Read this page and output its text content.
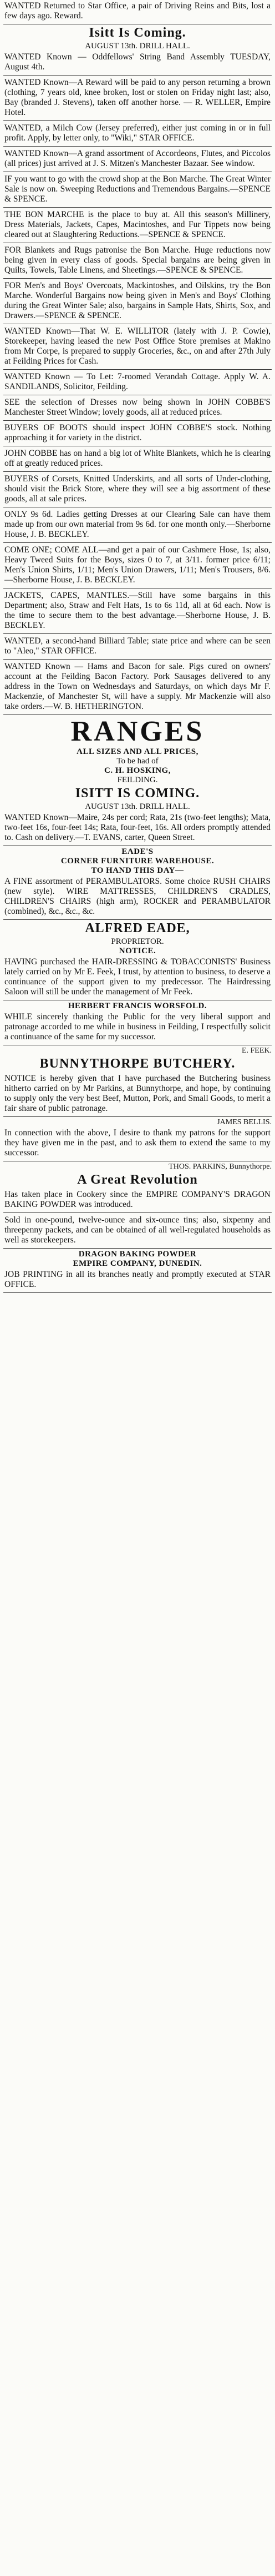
WANTED Returned to Star Office, a pair of Driving Reins and Bits, lost a few days ago. Reward.
Isitt Is Coming.
AUGUST 13th. DRILL HALL.
WANTED Known — Oddfellows' String Band Assembly TUESDAY, August 4th.
WANTED Known—A Reward will be paid to any person returning a brown (clothing, 7 years old, knee broken, lost or stolen on Friday night last; also, Bay (branded J. Stevens), taken off another horse. — R. WELLER, Empire Hotel.
WANTED, a Milch Cow (Jersey preferred), either just coming in or in full profit. Apply, by letter only, to "Wiki," STAR OFFICE.
WANTED Known—A grand assortment of Accordeons, Flutes, and Piccolos (all prices) just arrived at J. S. Mitzen's Manchester Bazaar. See window.
IF you want to go with the crowd shop at the Bon Marche. The Great Winter Sale is now on. Sweeping Reductions and Tremendous Bargains.—SPENCE & SPENCE.
THE BON MARCHE is the place to buy at. All this season's Millinery, Dress Materials, Jackets, Capes, Macintoshes, and Fur Tippets now being cleared out at Slaughtering Reductions.—SPENCE & SPENCE.
FOR Blankets and Rugs patronise the Bon Marche. Huge reductions now being given in every class of goods. Special bargains are being given in Quilts, Towels, Table Linens, and Sheetings.—SPENCE & SPENCE.
FOR Men's and Boys' Overcoats, Mackintoshes, and Oilskins, try the Bon Marche. Wonderful Bargains now being given in Men's and Boys' Clothing during the Great Winter Sale; also, bargains in Sample Hats, Shirts, Sox, and Drawers.—SPENCE & SPENCE.
WANTED Known—That W. E. WILLITOR (lately with J. P. Cowie), Storekeeper, having leased the new Post Office Store premises at Makino from Mr Corpe, is prepared to supply Groceries, &c., on and after 27th July at Feilding Prices for Cash.
WANTED Known — To Let: 7-roomed Verandah Cottage. Apply W. A. SANDILANDS, Solicitor, Feilding.
SEE the selection of Dresses now being shown in JOHN COBBE'S Manchester Street Window; lovely goods, all at reduced prices.
BUYERS OF BOOTS should inspect JOHN COBBE'S stock. Nothing approaching it for variety in the district.
JOHN COBBE has on hand a big lot of White Blankets, which he is clearing off at greatly reduced prices.
BUYERS of Corsets, Knitted Underskirts, and all sorts of Under-clothing, should visit the Brick Store, where they will see a big assortment of these goods, all at sale prices.
ONLY 9s 6d. Ladies getting Dresses at our Clearing Sale can have them made up from our own material from 9s 6d. for one month only.—Sherborne House, J. B. BECKLEY.
COME ONE; COME ALL—and get a pair of our Cashmere Hose, 1s; also, Heavy Tweed Suits for the Boys, sizes 0 to 7, at 3/11. former price 6/11; Men's Union Shirts, 1/11; Men's Union Drawers, 1/11; Men's Trousers, 8/6.—Sherborne House, J. B. BECKLEY.
JACKETS, CAPES, MANTLES.—Still have some bargains in this Department; also, Straw and Felt Hats, 1s to 6s 11d, all at 6d each. Now is the time to secure them to the best advantage.—Sherborne House, J. B. BECKLEY.
WANTED, a second-hand Billiard Table; state price and where can be seen to "Aleo," STAR OFFICE.
WANTED Known — Hams and Bacon for sale. Pigs cured on owners' account at the Feilding Bacon Factory. Pork Sausages delivered to any address in the Town on Wednesdays and Saturdays, on which days Mr F. Mackenzie, of Manchester St, will have a supply. Mr Mackenzie will also take orders.—W. B. HETHERINGTON.
RANGES
ALL SIZES AND ALL PRICES,
To be had of
C. H. HOSKING,
FEILDING.
ISITT IS COMING.
AUGUST 13th. DRILL HALL.
WANTED Known—Maire, 24s per cord; Rata, 21s (two-feet lengths); Mata, two-feet 16s, four-feet 14s; Rata, four-feet, 16s. All orders promptly attended to. Cash on delivery.—T. EVANS, carter, Queen Street.
EADE'S
CORNER FURNITURE WAREHOUSE.
TO HAND THIS DAY—
A FINE assortment of PERAMBULATORS. Some choice RUSH CHAIRS (new style). WIRE MATTRESSES, CHILDREN'S CRADLES, CHILDREN'S CHAIRS (high arm), ROCKER and PERAMBULATOR (combined), &c., &c., &c.
ALFRED EADE,
PROPRIETOR.
NOTICE.
HAVING purchased the HAIR-DRESSING & TOBACCONISTS' Business lately carried on by Mr E. Feek, I trust, by attention to business, to deserve a continuance of the support given to my predecessor. The Hairdressing Saloon will still be under the management of Mr Feek.
HERBERT FRANCIS WORSFOLD.
WHILE sincerely thanking the Public for the very liberal support and patronage accorded to me while in business in Feilding, I respectfully solicit a continuance of the same for my successor.
E. FEEK.
BUNNYTHORPE BUTCHERY.
NOTICE is hereby given that I have purchased the Butchering business hitherto carried on by Mr Parkins, at Bunnythorpe, and hope, by continuing to supply only the very best Beef, Mutton, Pork, and Small Goods, to merit a fair share of public patronage.
JAMES BELLIS.
In connection with the above, I desire to thank my patrons for the support they have given me in the past, and to ask them to extend the same to my successor.
THOS. PARKINS, Bunnythorpe.
A Great Revolution
Has taken place in Cookery since the EMPIRE COMPANY'S DRAGON BAKING POWDER was introduced.
Sold in one-pound, twelve-ounce and six-ounce tins; also, sixpenny and threepenny packets, and can be obtained of all well-regulated households as well as storekeepers.
DRAGON BAKING POWDER
EMPIRE COMPANY, DUNEDIN.
JOB PRINTING in all its branches neatly and promptly executed at STAR OFFICE.
